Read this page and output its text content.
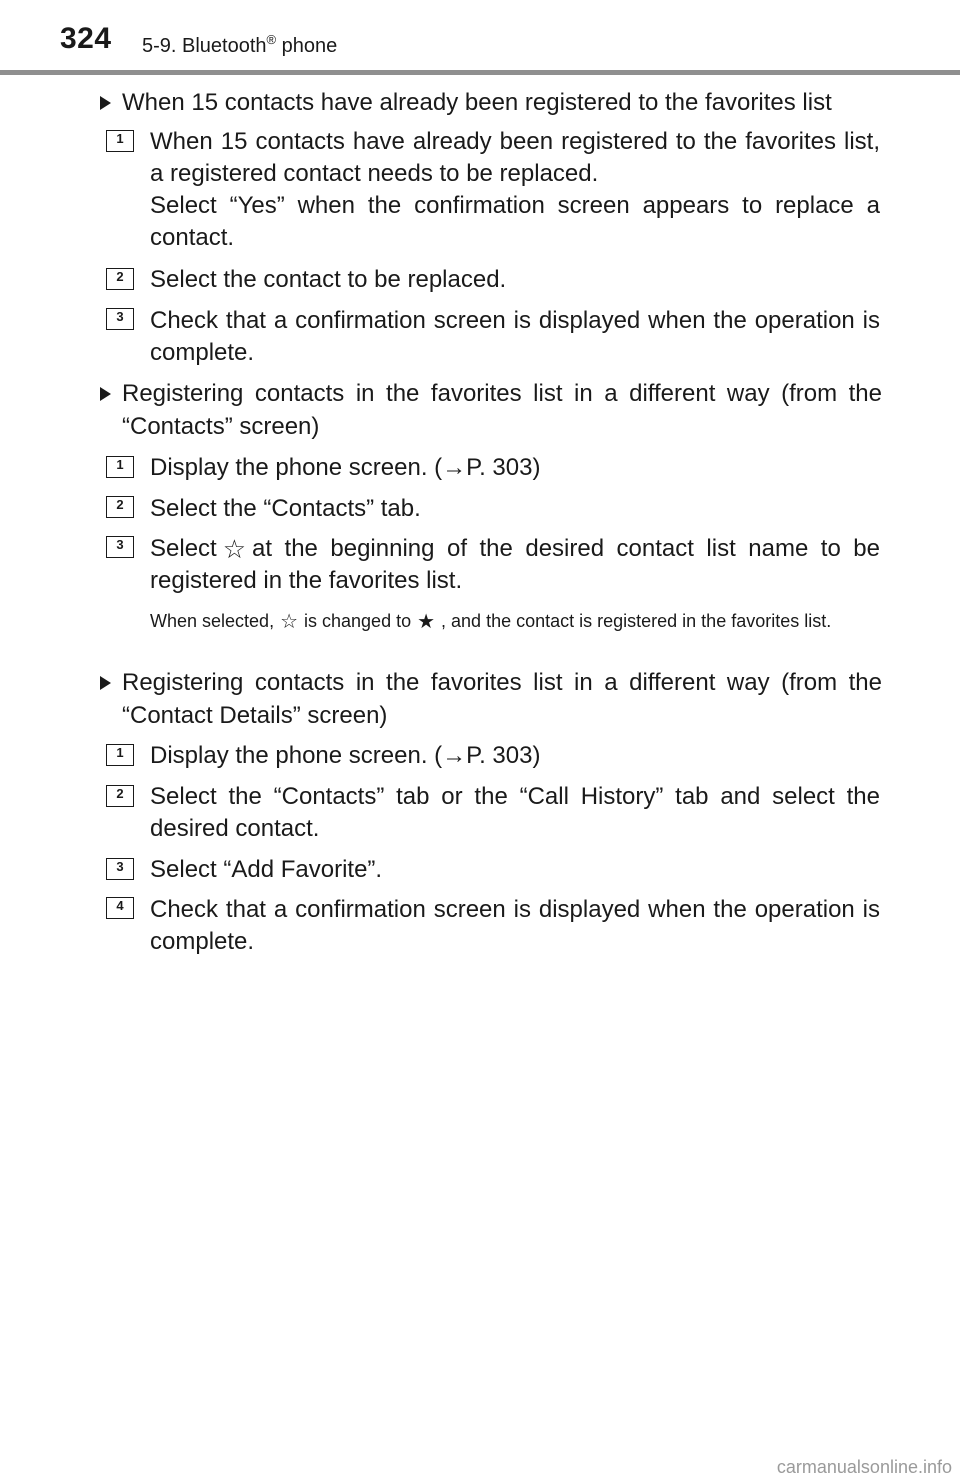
324 5-9. Bluetooth® phone
When 15 contacts have already been registered to the favorites list
1	When 15 contacts have already been registered to the favorites list, a registered contact needs to be replaced.
Select “Yes” when the confirmation screen appears to replace a contact.
2	Select the contact to be replaced.
3	Check that a confirmation screen is displayed when the operation is complete.
Registering contacts in the favorites list in a different way (from the “Contacts” screen)
1	Display the phone screen. (→P. 303)
2	Select the “Contacts” tab.
3	Select ☆ at the beginning of the desired contact list name to be registered in the favorites list.
When selected, ☆ is changed to ★ , and the contact is registered in the favorites list.
Registering contacts in the favorites list in a different way (from the “Contact Details” screen)
1	Display the phone screen. (→P. 303)
2	Select the “Contacts” tab or the “Call History” tab and select the desired contact.
3	Select “Add Favorite”.
4	Check that a confirmation screen is displayed when the operation is complete.
carmanualsonline.info
